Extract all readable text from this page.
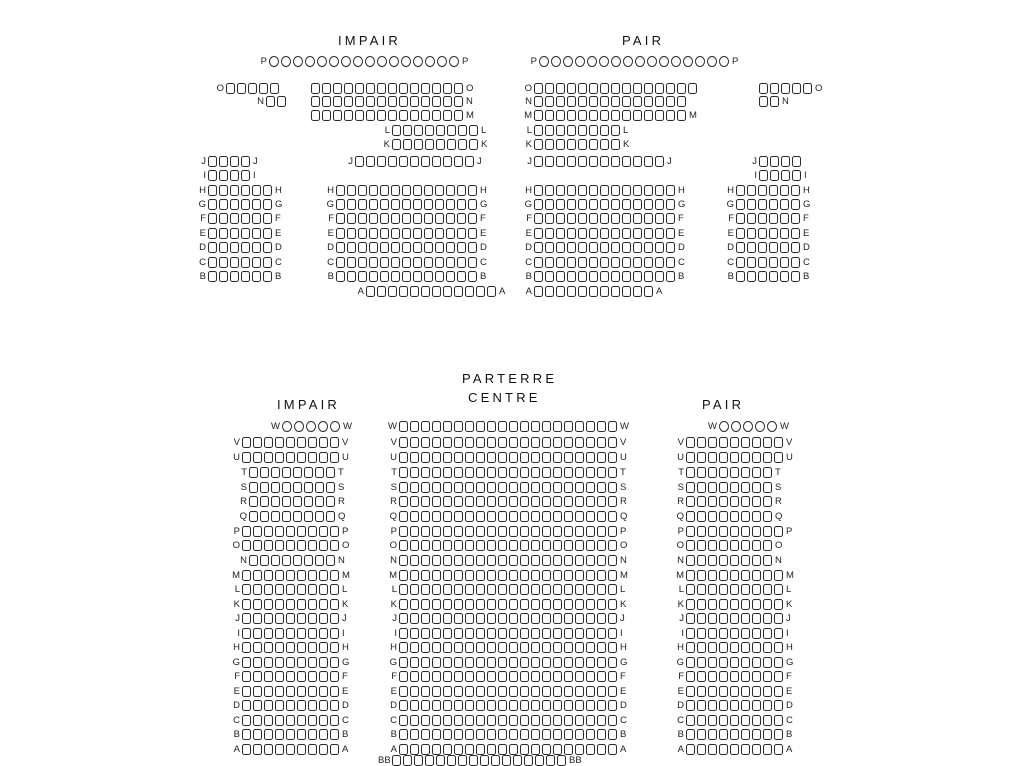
IMPAIR	PAIR
PARTERRE
CENTRE
IMPAIR	PAIR
P	P	P	P
O
N
J	J
I	I
H	H
G	G
F	F
E	E
D	D
C	C
B	B
O
N
M
L	L
K	K
J	J
H	H
G	G
F	F
E	E
D	D
C	C
B	B
A	A
O
N
M	M
L	L
K	K
J	J
H	H
G	G
F	F
E	E
D	D
C	C
B	B
A	A
O
N
J
I	I
H	H
G	G
F	F
E	E
D	D
C	C
B	B
W	W
V	V
U	U
T	T
S	S
R	R
Q	Q
P	P
O	O
N	N
M	M
L	L
K	K
J	J
I	I
H	H
G	G
F	F
E	E
D	D
C	C
B	B
A	A
W	W
V	V
U	U
T	T
S	S
R	R
Q	Q
P	P
O	O
N	N
M	M
L	L
K	K
J	J
I	I
H	H
G	G
F	F
E	E
D	D
C	C
B	B
A	A
BB	BB
W	W
V	V
U	U
T	T
S	S
R	R
Q	Q
P	P
O	O
N	N
M	M
L	L
K	K
J	J
I	I
H	H
G	G
F	F
E	E
D	D
C	C
B	B
A	A
